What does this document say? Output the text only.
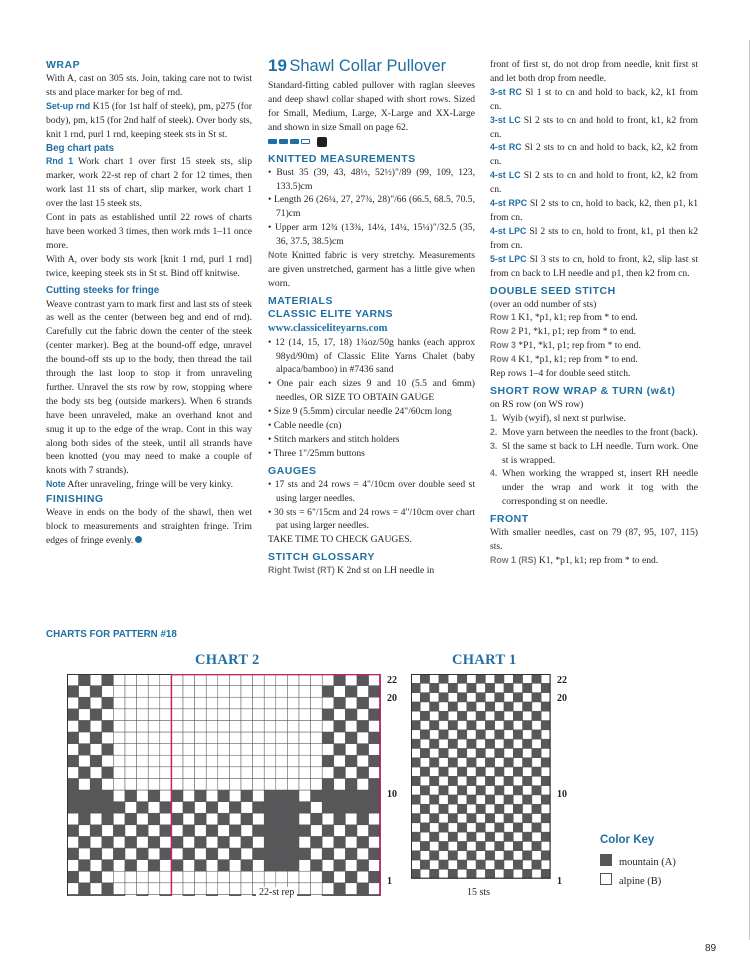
WRAP

With A, cast on 305 sts. Join, taking care not to twist sts and place marker for beg of rnd.

Set-up rnd K15 (for 1st half of steek), pm, p275 (for body), pm, k15 (for 2nd half of steek). Over body sts, knit 1 rnd, purl 1 rnd, keeping steek sts in St st.

Beg chart pats

Rnd 1 Work chart 1 over first 15 steek sts, slip marker, work 22-st rep of chart 2 for 12 times, then work last 11 sts of chart, slip marker, work chart 1 over the last 15 steek sts.

Cont in pats as established until 22 rows of charts have been worked 3 times, then work rnds 1–11 once more.

With A, over body sts work [knit 1 rnd, purl 1 rnd] twice, keeping steek sts in St st. Bind off knitwise.

Cutting steeks for fringe

Weave contrast yarn to mark first and last sts of steek as well as the center (between beg and end of rnd). Carefully cut the fabric down the center of the steek (center marker). Beg at the bound-off edge, unravel the bound-off sts up to the body, then thread the tail through the last loop to stop it from unraveling further. Unravel the sts row by row, stopping where the body sts beg (outside markers). When 6 strands have been unraveled, make an overhand knot and snug it up to the edge of the wrap. Cont in this way along both sides of the steek, until all strands have been knotted (you may need to make a couple of knots with 7 strands).

Note After unraveling, fringe will be very kinky.

FINISHING

Weave in ends on the body of the shawl, then wet block to measurements and straighten fringe. Trim edges of fringe evenly.

19 Shawl Collar Pullover

Standard-fitting cabled pullover with raglan sleeves and deep shawl collar shaped with short rows. Sized for Small, Medium, Large, X-Large and XX-Large and shown in size Small on page 62.

KNITTED MEASUREMENTS

• Bust 35 (39, 43, 48½, 52½)"/89 (99, 109, 123, 133.5)cm

• Length 26 (26¼, 27, 27¾, 28)"/66 (66.5, 68.5, 70.5, 71)cm

• Upper arm 12¾ (13¾, 14¼, 14¼, 15¼)"/32.5 (35, 36, 37.5, 38.5)cm

Note Knitted fabric is very stretchy. Measurements are given unstretched, garment has a little give when worn.

MATERIALS

CLASSIC ELITE YARNS

www.classiceliteyarns.com

• 12 (14, 15, 17, 18) 1¾oz/50g hanks (each approx 98yd/90m) of Classic Elite Yarns Chalet (baby alpaca/bamboo) in #7436 sand

• One pair each sizes 9 and 10 (5.5 and 6mm) needles, OR SIZE TO OBTAIN GAUGE

• Size 9 (5.5mm) circular needle 24"/60cm long

• Cable needle (cn)

• Stitch markers and stitch holders

• Three 1"/25mm buttons

GAUGES

• 17 sts and 24 rows = 4"/10cm over double seed st using larger needles.

• 30 sts = 6"/15cm and 24 rows = 4"/10cm over chart pat using larger needles.

TAKE TIME TO CHECK GAUGES.

STITCH GLOSSARY

Right Twist (RT) K 2nd st on LH needle in

front of first st, do not drop from needle, knit first st and let both drop from needle.

3-st RC Sl 1 st to cn and hold to back, k2, k1 from cn.

3-st LC Sl 2 sts to cn and hold to front, k1, k2 from cn.

4-st RC Sl 2 sts to cn and hold to back, k2, k2 from cn.

4-st LC Sl 2 sts to cn and hold to front, k2, k2 from cn.

4-st RPC Sl 2 sts to cn, hold to back, k2, then p1, k1 from cn.

4-st LPC Sl 2 sts to cn, hold to front, k1, p1 then k2 from cn.

5-st LPC Sl 3 sts to cn, hold to front, k2, slip last st from cn back to LH needle and p1, then k2 from cn.

DOUBLE SEED STITCH

(over an odd number of sts)

Row 1 K1, *p1, k1; rep from * to end.

Row 2 P1, *k1, p1; rep from * to end.

Row 3 *P1, *k1, p1; rep from * to end.

Row 4 K1, *p1, k1; rep from * to end.

Rep rows 1–4 for double seed stitch.

SHORT ROW WRAP & TURN (w&t)

on RS row (on WS row)

1. Wyib (wyif), sl next st purlwise.

2. Move yarn between the needles to the front (back).

3. Sl the same st back to LH needle. Turn work. One st is wrapped.

4. When working the wrapped st, insert RH needle under the wrap and work it tog with the corresponding st on needle.

FRONT

With smaller needles, cast on 79 (87, 95, 107, 115) sts.

Row 1 (RS) K1, *p1, k1; rep from * to end.

CHARTS FOR PATTERN #18
CHART 2	CHART 1
22
20
10
1
22
20
10
1
22-st rep	15 sts
Color Key
mountain (A)
alpine (B)
89
